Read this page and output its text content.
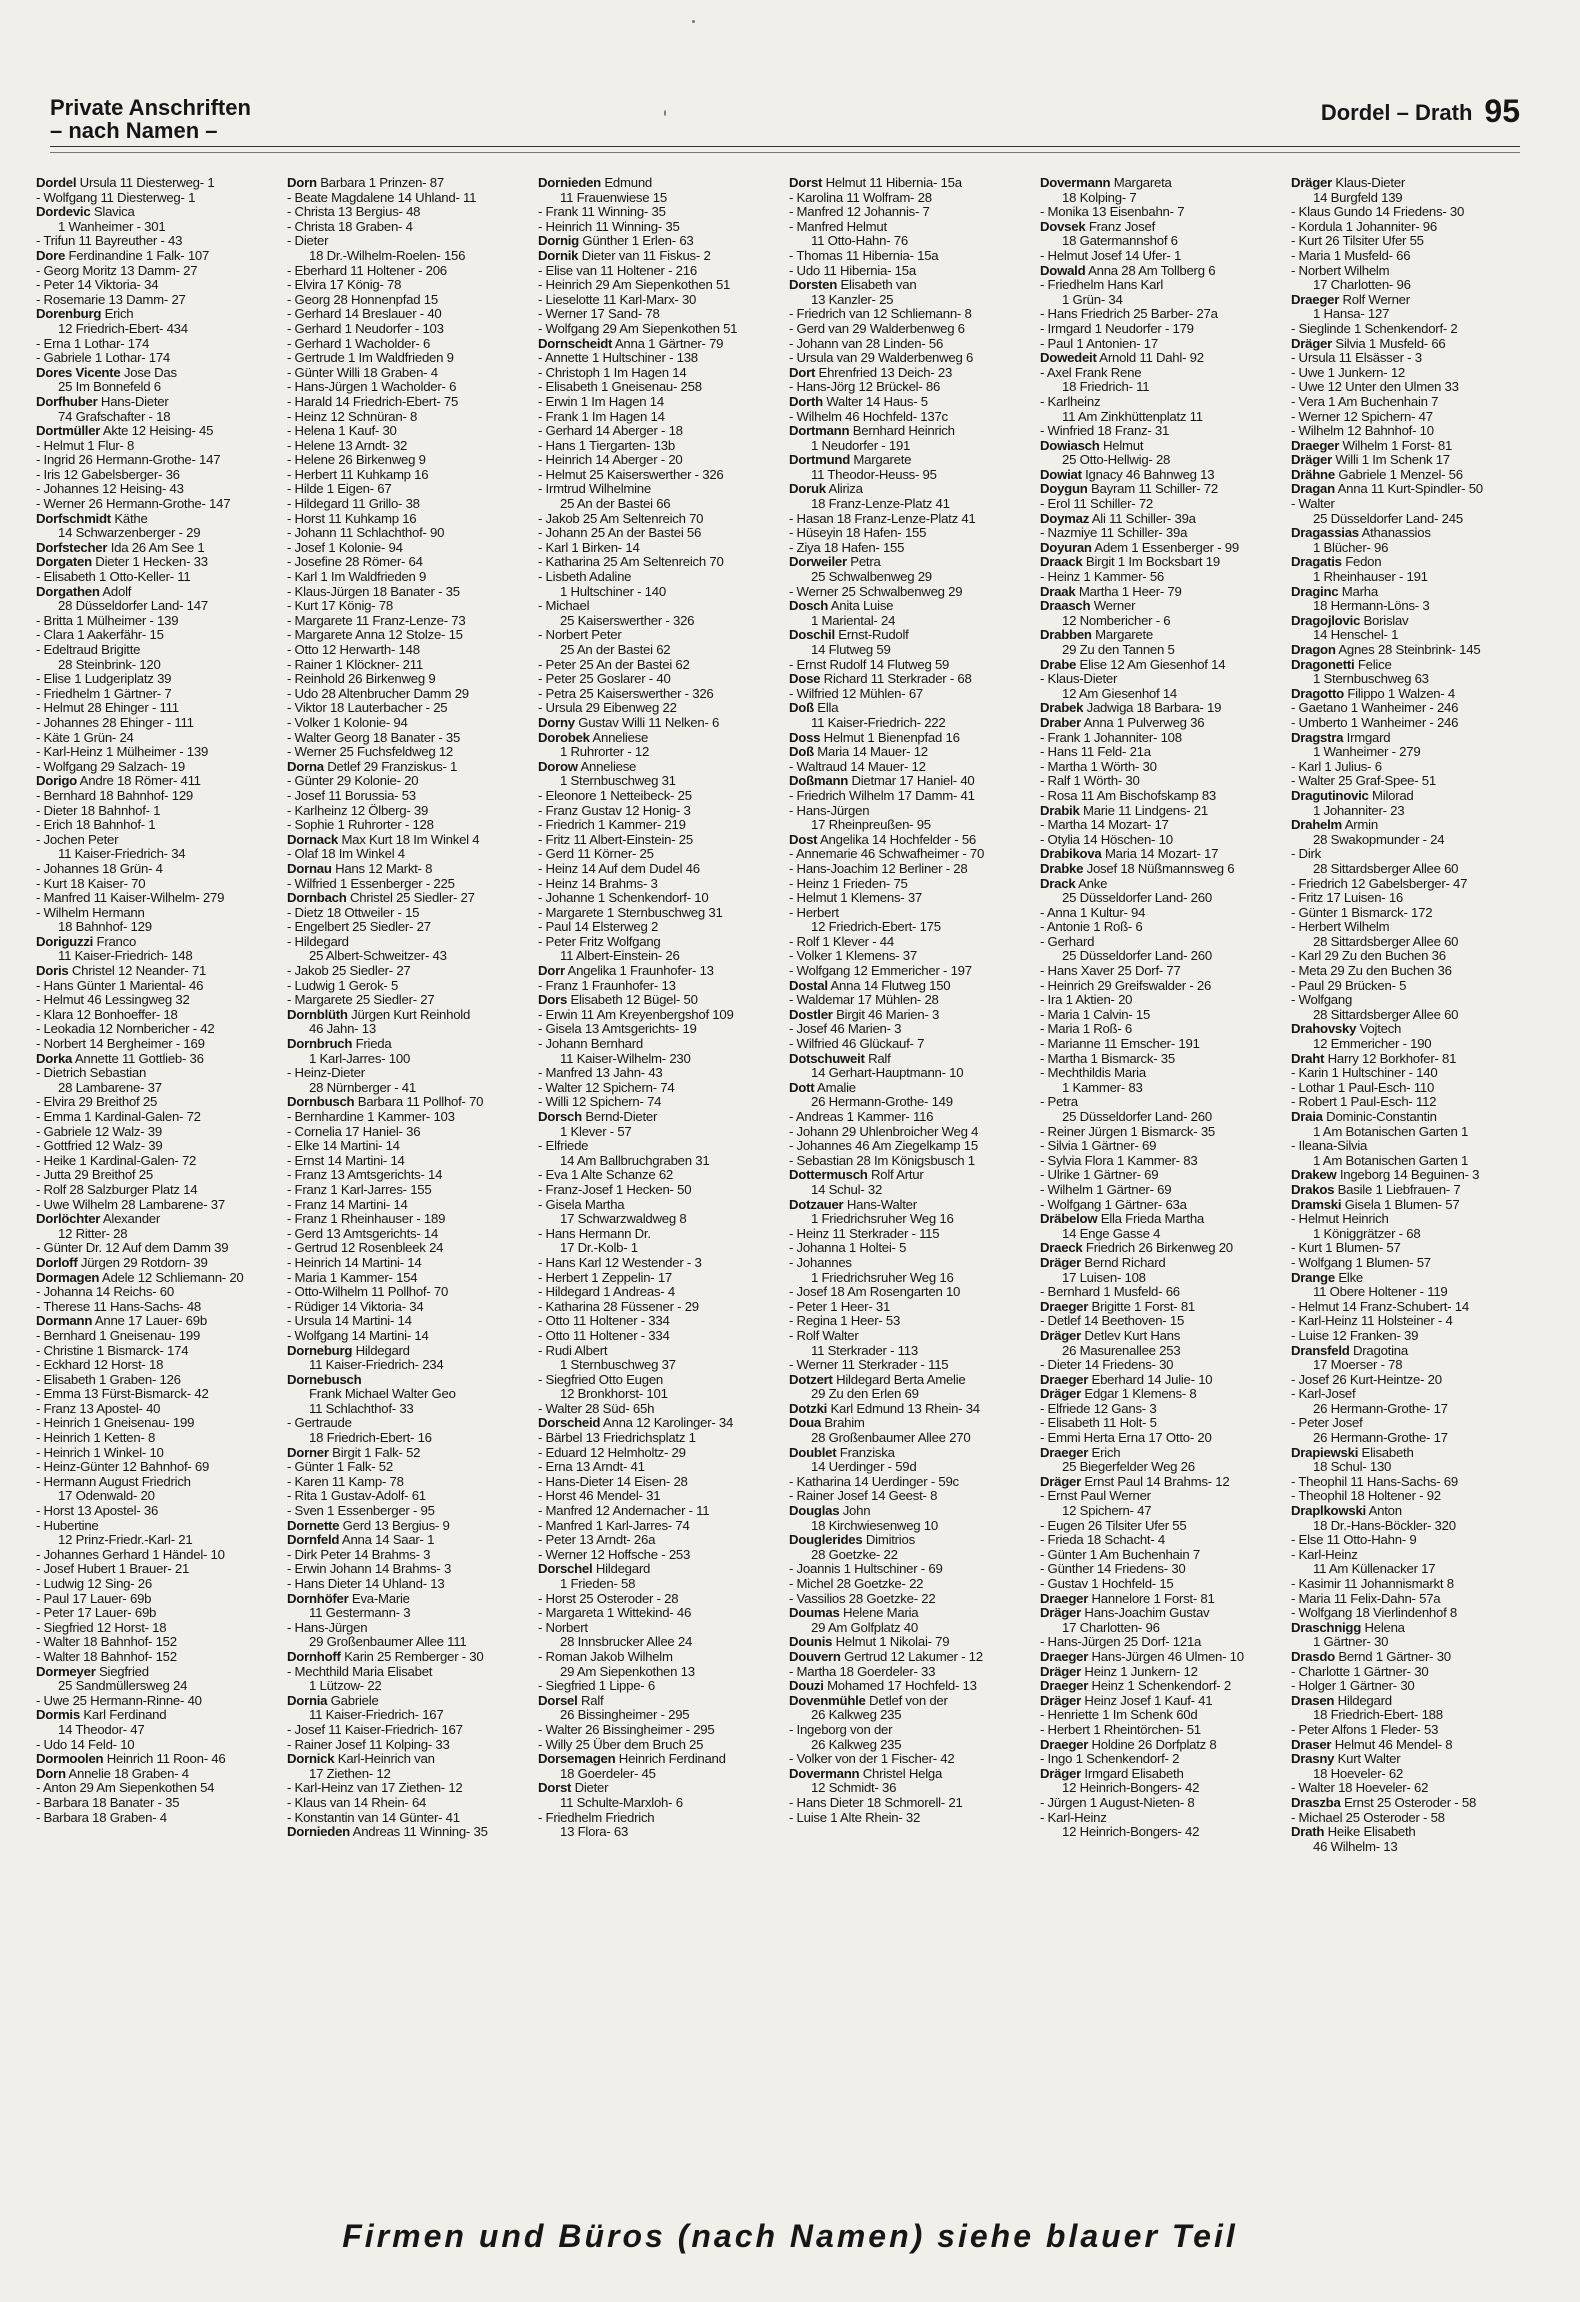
Private Anschriften
– nach Namen –
Dordel – Drath 95
Dordel Ursula 11 Diesterweg- 1
- Wolfgang 11 Diesterweg- 1
Dordevic Slavica
1 Wanheimer - 301
- Trifun 11 Bayreuther - 43
Dore Ferdinandine 1 Falk- 107
- Georg Moritz 13 Damm- 27
- Peter 14 Viktoria- 34
- Rosemarie 13 Damm- 27
Dorenburg Erich
12 Friedrich-Ebert- 434
- Erna 1 Lothar- 174
- Gabriele 1 Lothar- 174
Dores Vicente Jose Das
25 Im Bonnefeld 6
Dorfhuber Hans-Dieter
74 Grafschafter - 18
Dortmüller Akte 12 Heising- 45
- Helmut 1 Flur- 8
- Ingrid 26 Hermann-Grothe- 147
- Iris 12 Gabelsberger- 36
- Johannes 12 Heising- 43
- Werner 26 Hermann-Grothe- 147
Dorfschmidt Käthe
14 Schwarzenberger - 29
Dorfstecher Ida 26 Am See 1
Dorgaten Dieter 1 Hecken- 33
- Elisabeth 1 Otto-Keller- 11
Dorgathen Adolf
28 Düsseldorfer Land- 147
- Britta 1 Mülheimer - 139
- Clara 1 Aakerfähr- 15
- Edeltraud Brigitte
28 Steinbrink- 120
- Elise 1 Ludgeriplatz 39
- Friedhelm 1 Gärtner- 7
- Helmut 28 Ehinger - 111
- Johannes 28 Ehinger - 111
- Käte 1 Grün- 24
- Karl-Heinz 1 Mülheimer - 139
- Wolfgang 29 Salzach- 19
Dorigo Andre 18 Römer- 411
- Bernhard 18 Bahnhof- 129
- Dieter 18 Bahnhof- 1
- Erich 18 Bahnhof- 1
- Jochen Peter
11 Kaiser-Friedrich- 34
- Johannes 18 Grün- 4
- Kurt 18 Kaiser- 70
- Manfred 11 Kaiser-Wilhelm- 279
- Wilhelm Hermann
18 Bahnhof- 129
Doriguzzi Franco
11 Kaiser-Friedrich- 148
Doris Christel 12 Neander- 71
- Hans Günter 1 Mariental- 46
- Helmut 46 Lessingweg 32
- Klara 12 Bonhoeffer- 18
- Leokadia 12 Nornbericher - 42
- Norbert 14 Bergheimer - 169
Dorka Annette 11 Gottlieb- 36
- Dietrich Sebastian
28 Lambarene- 37
- Elvira 29 Breithof 25
- Emma 1 Kardinal-Galen- 72
- Gabriele 12 Walz- 39
- Gottfried 12 Walz- 39
- Heike 1 Kardinal-Galen- 72
- Jutta 29 Breithof 25
- Rolf 28 Salzburger Platz 14
- Uwe Wilhelm 28 Lambarene- 37
Dorlöchter Alexander
12 Ritter- 28
- Günter Dr. 12 Auf dem Damm 39
Dorloff Jürgen 29 Rotdorn- 39
Dormagen Adele 12 Schliemann- 20
- Johanna 14 Reichs- 60
- Therese 11 Hans-Sachs- 48
Dormann Anne 17 Lauer- 69b
- Bernhard 1 Gneisenau- 199
- Christine 1 Bismarck- 174
- Eckhard 12 Horst- 18
- Elisabeth 1 Graben- 126
- Emma 13 Fürst-Bismarck- 42
- Franz 13 Apostel- 40
- Heinrich 1 Gneisenau- 199
- Heinrich 1 Ketten- 8
- Heinrich 1 Winkel- 10
- Heinz-Günter 12 Bahnhof- 69
- Hermann August Friedrich
17 Odenwald- 20
- Horst 13 Apostel- 36
- Hubertine
12 Prinz-Friedr.-Karl- 21
- Johannes Gerhard 1 Händel- 10
- Josef Hubert 1 Brauer- 21
- Ludwig 12 Sing- 26
- Paul 17 Lauer- 69b
- Peter 17 Lauer- 69b
- Siegfried 12 Horst- 18
- Walter 18 Bahnhof- 152
- Walter 18 Bahnhof- 152
Dormeyer Siegfried
25 Sandmüllersweg 24
- Uwe 25 Hermann-Rinne- 40
Dormis Karl Ferdinand
14 Theodor- 47
- Udo 14 Feld- 10
Dormoolen Heinrich 11 Roon- 46
Dorn Annelie 18 Graben- 4
- Anton 29 Am Siepenkothen 54
- Barbara 18 Banater - 35
- Barbara 18 Graben- 4
Dorn Barbara 1 Prinzen- 87
- Beate Magdalene 14 Uhland- 11
- Christa 13 Bergius- 48
- Christa 18 Graben- 4
- Dieter
18 Dr.-Wilhelm-Roelen- 156
- Eberhard 11 Holtener - 206
- Elvira 17 König- 78
- Georg 28 Honnenpfad 15
- Gerhard 14 Breslauer - 40
- Gerhard 1 Neudorfer - 103
- Gerhard 1 Wacholder- 6
- Gertrude 1 Im Waldfrieden 9
- Günter Willi 18 Graben- 4
- Hans-Jürgen 1 Wacholder- 6
- Harald 14 Friedrich-Ebert- 75
- Heinz 12 Schnüran- 8
- Helena 1 Kauf- 30
- Helene 13 Arndt- 32
- Helene 26 Birkenweg 9
- Herbert 11 Kuhkamp 16
- Hilde 1 Eigen- 67
- Hildegard 11 Grillo- 38
- Horst 11 Kuhkamp 16
- Johann 11 Schlachthof- 90
- Josef 1 Kolonie- 94
- Josefine 28 Römer- 64
- Karl 1 Im Waldfrieden 9
- Klaus-Jürgen 18 Banater - 35
- Kurt 17 König- 78
- Margarete 11 Franz-Lenze- 73
- Margarete Anna 12 Stolze- 15
- Otto 12 Herwarth- 148
- Rainer 1 Klöckner- 211
- Reinhold 26 Birkenweg 9
- Udo 28 Altenbrucher Damm 29
- Viktor 18 Lauterbacher - 25
- Volker 1 Kolonie- 94
- Walter Georg 18 Banater - 35
- Werner 25 Fuchsfeldweg 12
Dorna Detlef 29 Franziskus- 1
- Günter 29 Kolonie- 20
- Josef 11 Borussia- 53
- Karlheinz 12 Ölberg- 39
- Sophie 1 Ruhrorter - 128
Dornack Max Kurt 18 Im Winkel 4
- Olaf 18 Im Winkel 4
Dornau Hans 12 Markt- 8
- Wilfried 1 Essenberger - 225
Dornbach Christel 25 Siedler- 27
- Dietz 18 Ottweiler - 15
- Engelbert 25 Siedler- 27
- Hildegard
25 Albert-Schweitzer- 43
- Jakob 25 Siedler- 27
- Ludwig 1 Gerok- 5
- Margarete 25 Siedler- 27
Dornblüth Jürgen Kurt Reinhold
46 Jahn- 13
Dornbruch Frieda
1 Karl-Jarres- 100
- Heinz-Dieter
28 Nürnberger - 41
Dornbusch Barbara 11 Pollhof- 70
- Bernhardine 1 Kammer- 103
- Cornelia 17 Haniel- 36
- Elke 14 Martini- 14
- Ernst 14 Martini- 14
- Franz 13 Amtsgerichts- 14
- Franz 1 Karl-Jarres- 155
- Franz 14 Martini- 14
- Franz 1 Rheinhauser - 189
- Gerd 13 Amtsgerichts- 14
- Gertrud 12 Rosenbleek 24
- Heinrich 14 Martini- 14
- Maria 1 Kammer- 154
- Otto-Wilhelm 11 Pollhof- 70
- Rüdiger 14 Viktoria- 34
- Ursula 14 Martini- 14
- Wolfgang 14 Martini- 14
Dorneburg Hildegard
11 Kaiser-Friedrich- 234
Dornebusch
Frank Michael Walter Geo
11 Schlachthof- 33
- Gertraude
18 Friedrich-Ebert- 16
Dorner Birgit 1 Falk- 52
- Günter 1 Falk- 52
- Karen 11 Kamp- 78
- Rita 1 Gustav-Adolf- 61
- Sven 1 Essenberger - 95
Dornette Gerd 13 Bergius- 9
Dornfeld Anna 14 Saar- 1
- Dirk Peter 14 Brahms- 3
- Erwin Johann 14 Brahms- 3
- Hans Dieter 14 Uhland- 13
Dornhöfer Eva-Marie
11 Gestermann- 3
- Hans-Jürgen
29 Großenbaumer Allee 111
Dornhoff Karin 25 Remberger - 30
- Mechthild Maria Elisabet
1 Lützow- 22
Dornia Gabriele
11 Kaiser-Friedrich- 167
- Josef 11 Kaiser-Friedrich- 167
- Rainer Josef 11 Kolping- 33
Dornick Karl-Heinrich van
17 Ziethen- 12
- Karl-Heinz van 17 Ziethen- 12
- Klaus van 14 Rhein- 64
- Konstantin van 14 Günter- 41
Dornieden Andreas 11 Winning- 35
Dornieden Edmund
11 Frauenwiese 15
- Frank 11 Winning- 35
- Heinrich 11 Winning- 35
Dornig Günther 1 Erlen- 63
Dornik Dieter van 11 Fiskus- 2
- Elise van 11 Holtener - 216
- Heinrich 29 Am Siepenkothen 51
- Lieselotte 11 Karl-Marx- 30
- Werner 17 Sand- 78
- Wolfgang 29 Am Siepenkothen 51
Dornscheidt Anna 1 Gärtner- 79
- Annette 1 Hultschiner - 138
- Christoph 1 Im Hagen 14
- Elisabeth 1 Gneisenau- 258
- Erwin 1 Im Hagen 14
- Frank 1 Im Hagen 14
- Gerhard 14 Aberger - 18
- Hans 1 Tiergarten- 13b
- Heinrich 14 Aberger - 20
- Helmut 25 Kaiserswerther - 326
- Irmtrud Wilhelmine
25 An der Bastei 66
- Jakob 25 Am Seltenreich 70
- Johann 25 An der Bastei 56
- Karl 1 Birken- 14
- Katharina 25 Am Seltenreich 70
- Lisbeth Adaline
1 Hultschiner - 140
- Michael
25 Kaiserswerther - 326
- Norbert Peter
25 An der Bastei 62
- Peter 25 An der Bastei 62
- Peter 25 Goslarer - 40
- Petra 25 Kaiserswerther - 326
- Ursula 29 Eibenweg 22
Dorny Gustav Willi 11 Nelken- 6
Dorobek Anneliese
1 Ruhrorter - 12
Dorow Anneliese
1 Sternbuschweg 31
- Eleonore 1 Netteibeck- 25
- Franz Gustav 12 Honig- 3
- Friedrich 1 Kammer- 219
- Fritz 11 Albert-Einstein- 25
- Gerd 11 Körner- 25
- Heinz 14 Auf dem Dudel 46
- Heinz 14 Brahms- 3
- Johanne 1 Schenkendorf- 10
- Margarete 1 Sternbuschweg 31
- Paul 14 Elsterweg 2
- Peter Fritz Wolfgang
11 Albert-Einstein- 26
Dorr Angelika 1 Fraunhofer- 13
- Franz 1 Fraunhofer- 13
Dors Elisabeth 12 Bügel- 50
- Erwin 11 Am Kreyenbergshof 109
- Gisela 13 Amtsgerichts- 19
- Johann Bernhard
11 Kaiser-Wilhelm- 230
- Manfred 13 Jahn- 43
- Walter 12 Spichern- 74
- Willi 12 Spichern- 74
Dorsch Bernd-Dieter
1 Klever - 57
- Elfriede
14 Am Ballbruchgraben 31
- Eva 1 Alte Schanze 62
- Franz-Josef 1 Hecken- 50
- Gisela Martha
17 Schwarzwaldweg 8
- Hans Hermann Dr.
17 Dr.-Kolb- 1
- Hans Karl 12 Westender - 3
- Herbert 1 Zeppelin- 17
- Hildegard 1 Andreas- 4
- Katharina 28 Füssener - 29
- Otto 11 Holtener - 334
- Otto 11 Holtener - 334
- Rudi Albert
1 Sternbuschweg 37
- Siegfried Otto Eugen
12 Bronkhorst- 101
- Walter 28 Süd- 65h
Dorscheid Anna 12 Karolinger- 34
- Bärbel 13 Friedrichsplatz 1
- Eduard 12 Helmholtz- 29
- Erna 13 Arndt- 41
- Hans-Dieter 14 Eisen- 28
- Horst 46 Mendel- 31
- Manfred 12 Andernacher - 11
- Manfred 1 Karl-Jarres- 74
- Peter 13 Arndt- 26a
- Werner 12 Hoffsche - 253
Dorschel Hildegard
1 Frieden- 58
- Horst 25 Osteroder - 28
- Margareta 1 Wittekind- 46
- Norbert
28 Innsbrucker Allee 24
- Roman Jakob Wilhelm
29 Am Siepenkothen 13
- Siegfried 1 Lippe- 6
Dorsel Ralf
26 Bissingheimer - 295
- Walter 26 Bissingheimer - 295
- Willy 25 Über dem Bruch 25
Dorsemagen Heinrich Ferdinand
18 Goerdeler- 45
Dorst Dieter
11 Schulte-Marxloh- 6
- Friedhelm Friedrich
13 Flora- 63
Dorst Helmut 11 Hibernia- 15a
- Karolina 11 Wolfram- 28
- Manfred 12 Johannis- 7
- Manfred Helmut
11 Otto-Hahn- 76
- Thomas 11 Hibernia- 15a
- Udo 11 Hibernia- 15a
Dorsten Elisabeth van
13 Kanzler- 25
- Friedrich van 12 Schliemann- 8
- Gerd van 29 Walderbenweg 6
- Johann van 28 Linden- 56
- Ursula van 29 Walderbenweg 6
Dort Ehrenfried 13 Deich- 23
- Hans-Jörg 12 Brückel- 86
Dorth Walter 14 Haus- 5
- Wilhelm 46 Hochfeld- 137c
Dortmann Bernhard Heinrich
1 Neudorfer - 191
Dortmund Margarete
11 Theodor-Heuss- 95
Doruk Aliriza
18 Franz-Lenze-Platz 41
- Hasan 18 Franz-Lenze-Platz 41
- Hüseyin 18 Hafen- 155
- Ziya 18 Hafen- 155
Dorweiler Petra
25 Schwalbenweg 29
- Werner 25 Schwalbenweg 29
Dosch Anita Luise
1 Mariental- 24
Doschil Ernst-Rudolf
14 Flutweg 59
- Ernst Rudolf 14 Flutweg 59
Dose Richard 11 Sterkrader - 68
- Wilfried 12 Mühlen- 67
Doß Ella
11 Kaiser-Friedrich- 222
Doss Helmut 1 Bienenpfad 16
Doß Maria 14 Mauer- 12
- Waltraud 14 Mauer- 12
Doßmann Dietmar 17 Haniel- 40
- Friedrich Wilhelm 17 Damm- 41
- Hans-Jürgen
17 Rheinpreußen- 95
Dost Angelika 14 Hochfelder - 56
- Annemarie 46 Schwafheimer - 70
- Hans-Joachim 12 Berliner - 28
- Heinz 1 Frieden- 75
- Helmut 1 Klemens- 37
- Herbert
12 Friedrich-Ebert- 175
- Rolf 1 Klever - 44
- Volker 1 Klemens- 37
- Wolfgang 12 Emmericher - 197
Dostal Anna 14 Flutweg 150
- Waldemar 17 Mühlen- 28
Dostler Birgit 46 Marien- 3
- Josef 46 Marien- 3
- Wilfried 46 Glückauf- 7
Dotschuweit Ralf
14 Gerhart-Hauptmann- 10
Dott Amalie
26 Hermann-Grothe- 149
- Andreas 1 Kammer- 116
- Johann 29 Uhlenbroicher Weg 4
- Johannes 46 Am Ziegelkamp 15
- Sebastian 28 Im Königsbusch 1
Dottermusch Rolf Artur
14 Schul- 32
Dotzauer Hans-Walter
1 Friedrichsruher Weg 16
- Heinz 11 Sterkrader - 115
- Johanna 1 Holtei- 5
- Johannes
1 Friedrichsruher Weg 16
- Josef 18 Am Rosengarten 10
- Peter 1 Heer- 31
- Regina 1 Heer- 53
- Rolf Walter
11 Sterkrader - 113
- Werner 11 Sterkrader - 115
Dotzert Hildegard Berta Amelie
29 Zu den Erlen 69
Dotzki Karl Edmund 13 Rhein- 34
Doua Brahim
28 Großenbaumer Allee 270
Doublet Franziska
14 Uerdinger - 59d
- Katharina 14 Uerdinger - 59c
- Rainer Josef 14 Geest- 8
Douglas John
18 Kirchwiesenweg 10
Douglerides Dimitrios
28 Goetzke- 22
- Joannis 1 Hultschiner - 69
- Michel 28 Goetzke- 22
- Vassilios 28 Goetzke- 22
Doumas Helene Maria
29 Am Golfplatz 40
Dounis Helmut 1 Nikolai- 79
Douvern Gertrud 12 Lakumer - 12
- Martha 18 Goerdeler- 33
Douzi Mohamed 17 Hochfeld- 13
Dovenmühle Detlef von der
26 Kalkweg 235
- Ingeborg von der
26 Kalkweg 235
- Volker von der 1 Fischer- 42
Dovermann Christel Helga
12 Schmidt- 36
- Hans Dieter 18 Schmorell- 21
- Luise 1 Alte Rhein- 32
Dovermann Margareta
18 Kolping- 7
- Monika 13 Eisenbahn- 7
Dovsek Franz Josef
18 Gatermannshof 6
- Helmut Josef 14 Ufer- 1
Dowald Anna 28 Am Tollberg 6
- Friedhelm Hans Karl
1 Grün- 34
- Hans Friedrich 25 Barber- 27a
- Irmgard 1 Neudorfer - 179
- Paul 1 Antonien- 17
Dowedeit Arnold 11 Dahl- 92
- Axel Frank Rene
18 Friedrich- 11
- Karlheinz
11 Am Zinkhüttenplatz 11
- Winfried 18 Franz- 31
Dowiasch Helmut
25 Otto-Hellwig- 28
Dowiat Ignacy 46 Bahnweg 13
Doygun Bayram 11 Schiller- 72
- Erol 11 Schiller- 72
Doymaz Ali 11 Schiller- 39a
- Nazmiye 11 Schiller- 39a
Doyuran Adem 1 Essenberger - 99
Draack Birgit 1 Im Bocksbart 19
- Heinz 1 Kammer- 56
Draak Martha 1 Heer- 79
Draasch Werner
12 Nombericher - 6
Drabben Margarete
29 Zu den Tannen 5
Drabe Elise 12 Am Giesenhof 14
- Klaus-Dieter
12 Am Giesenhof 14
Drabek Jadwiga 18 Barbara- 19
Draber Anna 1 Pulverweg 36
- Frank 1 Johanniter- 108
- Hans 11 Feld- 21a
- Martha 1 Wörth- 30
- Ralf 1 Wörth- 30
- Rosa 11 Am Bischofskamp 83
Drabik Marie 11 Lindgens- 21
- Martha 14 Mozart- 17
- Otylia 14 Höschen- 10
Drabikova Maria 14 Mozart- 17
Drabke Josef 18 Nüßmannsweg 6
Drack Anke
25 Düsseldorfer Land- 260
- Anna 1 Kultur- 94
- Antonie 1 Roß- 6
- Gerhard
25 Düsseldorfer Land- 260
- Hans Xaver 25 Dorf- 77
- Heinrich 29 Greifswalder - 26
- Ira 1 Aktien- 20
- Maria 1 Calvin- 15
- Maria 1 Roß- 6
- Marianne 11 Emscher- 191
- Martha 1 Bismarck- 35
- Mechthildis Maria
1 Kammer- 83
- Petra
25 Düsseldorfer Land- 260
- Reiner Jürgen 1 Bismarck- 35
- Silvia 1 Gärtner- 69
- Sylvia Flora 1 Kammer- 83
- Ulrike 1 Gärtner- 69
- Wilhelm 1 Gärtner- 69
- Wolfgang 1 Gärtner- 63a
Dräbelow Ella Frieda Martha
14 Enge Gasse 4
Draeck Friedrich 26 Birkenweg 20
Dräger Bernd Richard
17 Luisen- 108
- Bernhard 1 Musfeld- 66
Draeger Brigitte 1 Forst- 81
- Detlef 14 Beethoven- 15
Dräger Detlev Kurt Hans
26 Masurenallee 253
- Dieter 14 Friedens- 30
Draeger Eberhard 14 Julie- 10
Dräger Edgar 1 Klemens- 8
- Elfriede 12 Gans- 3
- Elisabeth 11 Holt- 5
- Emmi Herta Erna 17 Otto- 20
Draeger Erich
25 Biegerfelder Weg 26
Dräger Ernst Paul 14 Brahms- 12
- Ernst Paul Werner
12 Spichern- 47
- Eugen 26 Tilsiter Ufer 55
- Frieda 18 Schacht- 4
- Günter 1 Am Buchenhain 7
- Günther 14 Friedens- 30
- Gustav 1 Hochfeld- 15
Draeger Hannelore 1 Forst- 81
Dräger Hans-Joachim Gustav
17 Charlotten- 96
- Hans-Jürgen 25 Dorf- 121a
Draeger Hans-Jürgen 46 Ulmen- 10
Dräger Heinz 1 Junkern- 12
Draeger Heinz 1 Schenkendorf- 2
Dräger Heinz Josef 1 Kauf- 41
- Henriette 1 Im Schenk 60d
- Herbert 1 Rheintörchen- 51
Draeger Holdine 26 Dorfplatz 8
- Ingo 1 Schenkendorf- 2
Dräger Irmgard Elisabeth
12 Heinrich-Bongers- 42
- Jürgen 1 August-Nieten- 8
- Karl-Heinz
12 Heinrich-Bongers- 42
Dräger Klaus-Dieter
14 Burgfeld 139
- Klaus Gundo 14 Friedens- 30
- Kordula 1 Johanniter- 96
- Kurt 26 Tilsiter Ufer 55
- Maria 1 Musfeld- 66
- Norbert Wilhelm
17 Charlotten- 96
Draeger Rolf Werner
1 Hansa- 127
- Sieglinde 1 Schenkendorf- 2
Dräger Silvia 1 Musfeld- 66
- Ursula 11 Elsässer - 3
- Uwe 1 Junkern- 12
- Uwe 12 Unter den Ulmen 33
- Vera 1 Am Buchenhain 7
- Werner 12 Spichern- 47
- Wilhelm 12 Bahnhof- 10
Draeger Wilhelm 1 Forst- 81
Dräger Willi 1 Im Schenk 17
Drähne Gabriele 1 Menzel- 56
Dragan Anna 11 Kurt-Spindler- 50
- Walter
25 Düsseldorfer Land- 245
Dragassias Athanassios
1 Blücher- 96
Dragatis Fedon
1 Rheinhauser - 191
Draginc Marha
18 Hermann-Löns- 3
Dragojlovic Borislav
14 Henschel- 1
Dragon Agnes 28 Steinbrink- 145
Dragonetti Felice
1 Sternbuschweg 63
Dragotto Filippo 1 Walzen- 4
- Gaetano 1 Wanheimer - 246
- Umberto 1 Wanheimer - 246
Dragstra Irmgard
1 Wanheimer - 279
- Karl 1 Julius- 6
- Walter 25 Graf-Spee- 51
Dragutinovic Milorad
1 Johanniter- 23
Drahelm Armin
28 Swakopmunder - 24
- Dirk
28 Sittardsberger Allee 60
- Friedrich 12 Gabelsberger- 47
- Fritz 17 Luisen- 16
- Günter 1 Bismarck- 172
- Herbert Wilhelm
28 Sittardsberger Allee 60
- Karl 29 Zu den Buchen 36
- Meta 29 Zu den Buchen 36
- Paul 29 Brücken- 5
- Wolfgang
28 Sittardsberger Allee 60
Drahovsky Vojtech
12 Emmericher - 190
Draht Harry 12 Borkhofer- 81
- Karin 1 Hultschiner - 140
- Lothar 1 Paul-Esch- 110
- Robert 1 Paul-Esch- 112
Draia Dominic-Constantin
1 Am Botanischen Garten 1
- Ileana-Silvia
1 Am Botanischen Garten 1
Drakew Ingeborg 14 Beguinen- 3
Drakos Basile 1 Liebfrauen- 7
Dramski Gisela 1 Blumen- 57
- Helmut Heinrich
1 Königgrätzer - 68
- Kurt 1 Blumen- 57
- Wolfgang 1 Blumen- 57
Drange Elke
11 Obere Holtener - 119
- Helmut 14 Franz-Schubert- 14
- Karl-Heinz 11 Holsteiner - 4
- Luise 12 Franken- 39
Dransfeld Dragotina
17 Moerser - 78
- Josef 26 Kurt-Heintze- 20
- Karl-Josef
26 Hermann-Grothe- 17
- Peter Josef
26 Hermann-Grothe- 17
Drapiewski Elisabeth
18 Schul- 130
- Theophil 11 Hans-Sachs- 69
- Theophil 18 Holtener - 92
Draplkowski Anton
18 Dr.-Hans-Böckler- 320
- Else 11 Otto-Hahn- 9
- Karl-Heinz
11 Am Küllenacker 17
- Kasimir 11 Johannismarkt 8
- Maria 11 Felix-Dahn- 57a
- Wolfgang 18 Vierlindenhof 8
Draschnigg Helena
1 Gärtner- 30
Drasdo Bernd 1 Gärtner- 30
- Charlotte 1 Gärtner- 30
- Holger 1 Gärtner- 30
Drasen Hildegard
18 Friedrich-Ebert- 188
- Peter Alfons 1 Fleder- 53
Draser Helmut 46 Mendel- 8
Drasny Kurt Walter
18 Hoeveler- 62
- Walter 18 Hoeveler- 62
Draszba Ernst 25 Osteroder - 58
- Michael 25 Osteroder - 58
Drath Heike Elisabeth
46 Wilhelm- 13
Firmen und Büros (nach Namen) siehe blauer Teil
